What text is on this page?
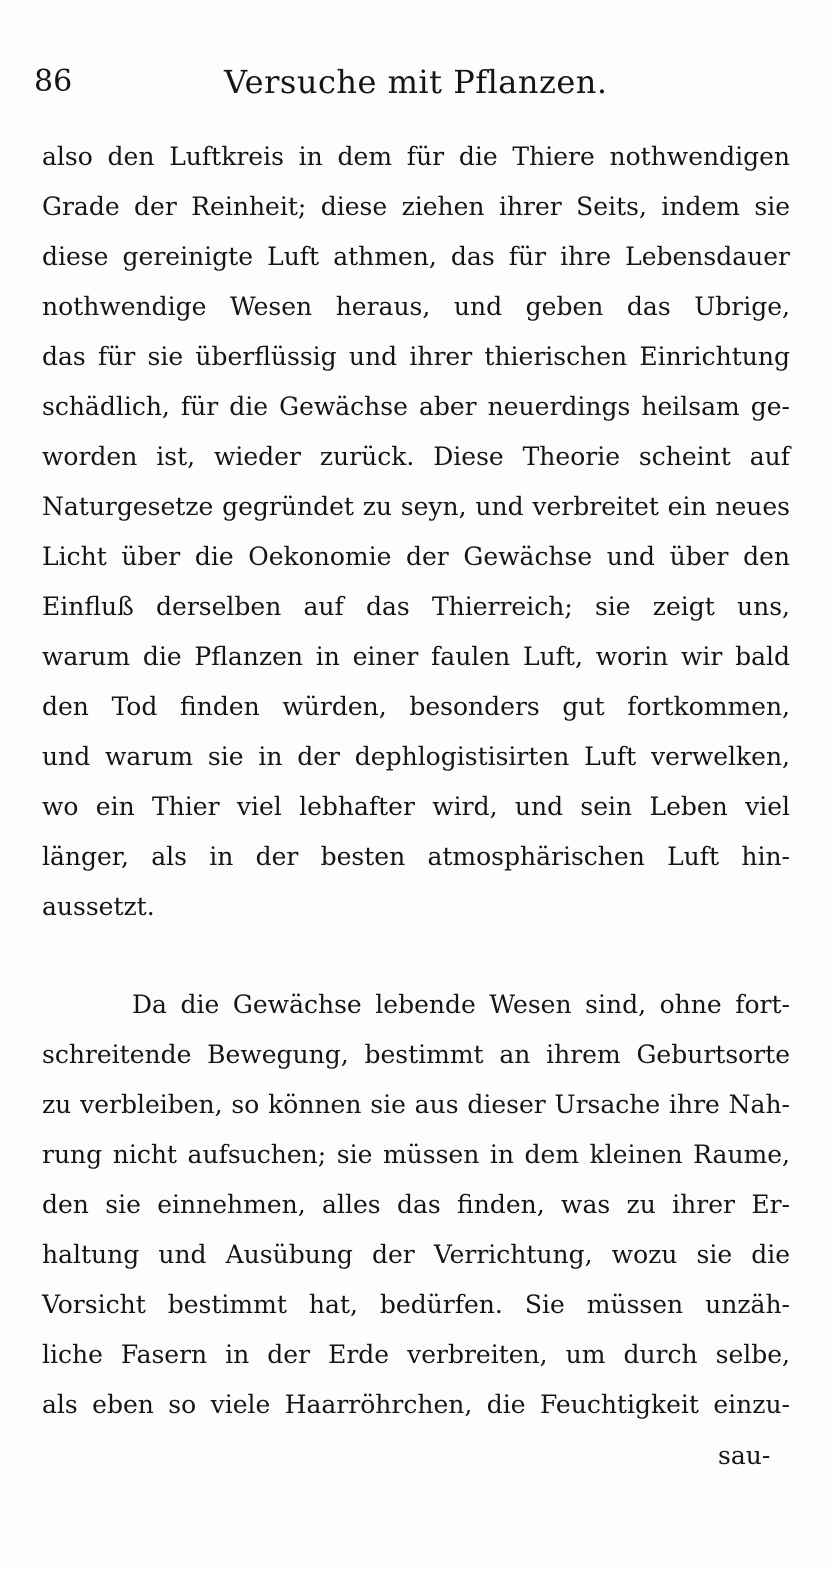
86	Versuche mit Pflanzen.
also den Luftkreis in dem für die Thiere nothwendigen
Grade der Reinheit; diese ziehen ihrer Seits, indem sie
diese gereinigte Luft athmen, das für ihre Lebensdauer
nothwendige Wesen heraus, und geben das Ubrige,
das für sie überflüssig und ihrer thierischen Einrichtung
schädlich, für die Gewächse aber neuerdings heilsam ge-
worden ist, wieder zurück. Diese Theorie scheint auf
Naturgesetze gegründet zu seyn, und verbreitet ein neues
Licht über die Oekonomie der Gewächse und über den
Einfluß derselben auf das Thierreich; sie zeigt uns,
warum die Pflanzen in einer faulen Luft, worin wir bald
den Tod finden würden, besonders gut fortkommen,
und warum sie in der dephlogistisirten Luft verwelken,
wo ein Thier viel lebhafter wird, und sein Leben viel
länger, als in der besten atmosphärischen Luft hin-
aussetzt.
Da die Gewächse lebende Wesen sind, ohne fort-
schreitende Bewegung, bestimmt an ihrem Geburtsorte
zu verbleiben, so können sie aus dieser Ursache ihre Nah-
rung nicht aufsuchen; sie müssen in dem kleinen Raume,
den sie einnehmen, alles das finden, was zu ihrer Er-
haltung und Ausübung der Verrichtung, wozu sie die
Vorsicht bestimmt hat, bedürfen. Sie müssen unzäh-
liche Fasern in der Erde verbreiten, um durch selbe,
als eben so viele Haarröhrchen, die Feuchtigkeit einzu-
sau-
